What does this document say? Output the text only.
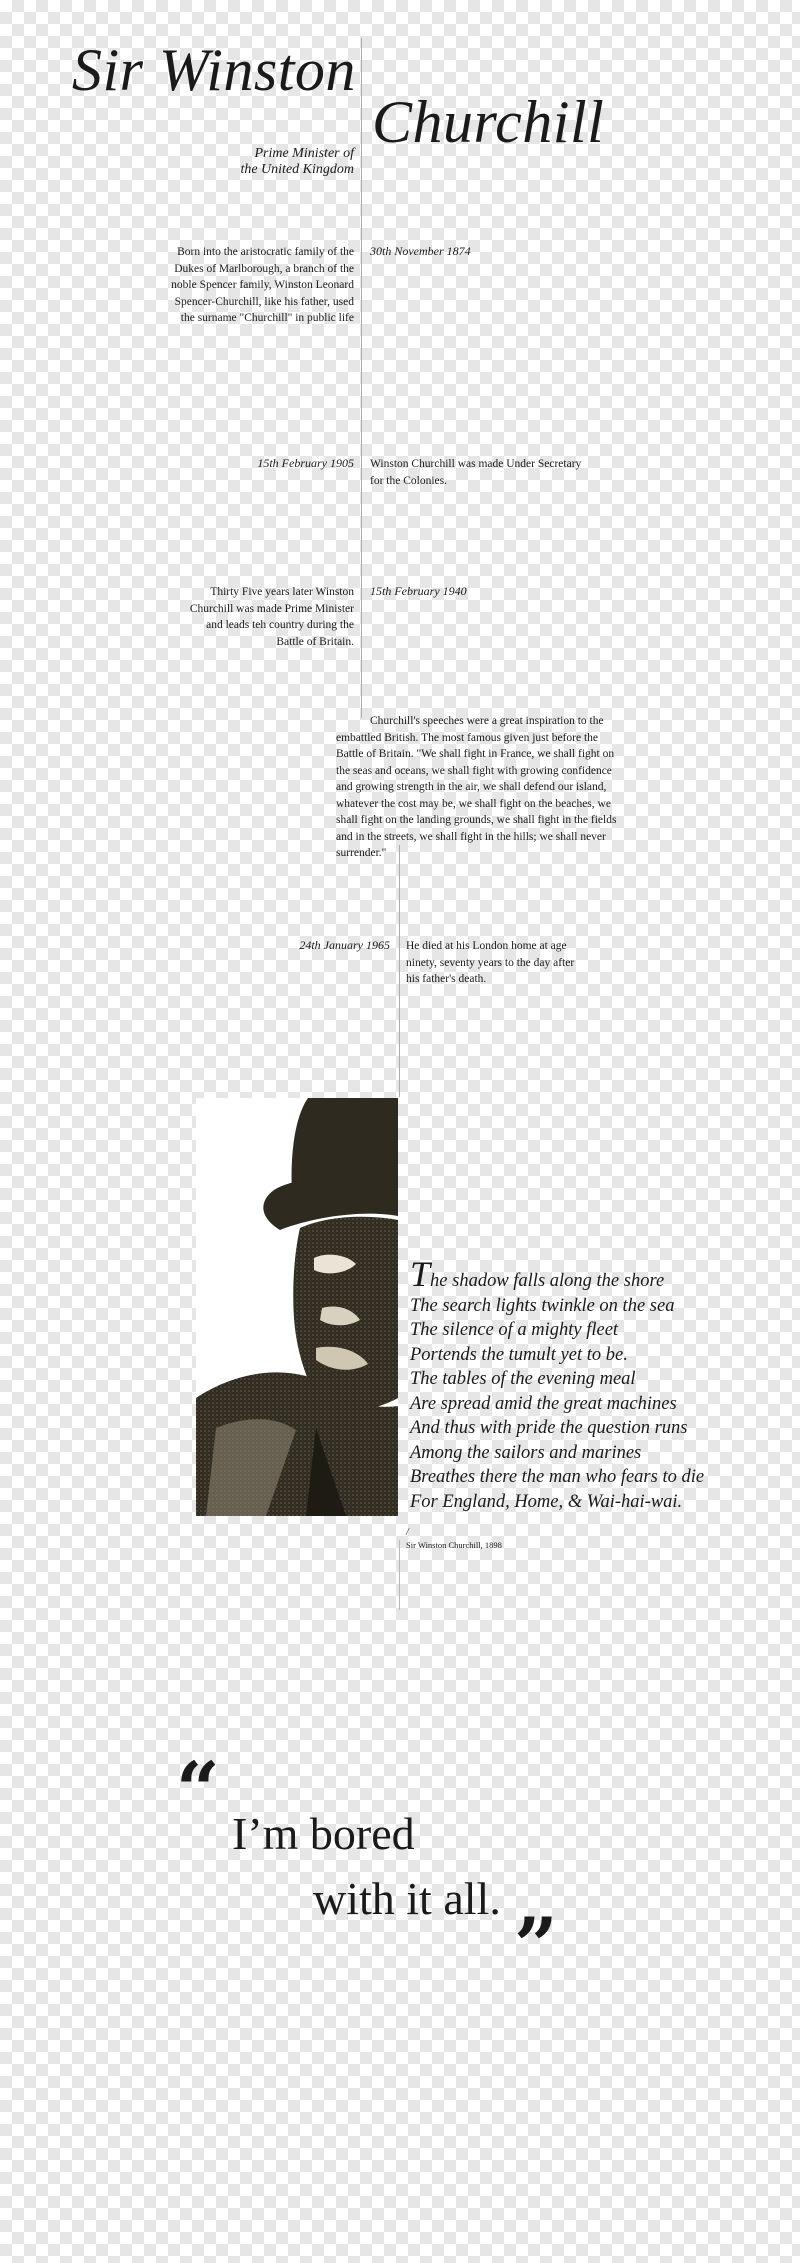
Sir Winston
Churchill
Prime Minister of
the United Kingdom
Born into the aristocratic family of the
Dukes of Marlborough, a branch of the
noble Spencer family, Winston Leonard
Spencer-Churchill, like his father, used
the surname "Churchill" in public life
30th November 1874
15th February 1905 Winston Churchill was made Under Secretary
for the Colonies.
Thirty Five years later Winston
Churchill was made Prime Minister
and leads teh country during the
Battle of Britain.
15th February 1940
Churchill's speeches were a great inspiration to the
embattled British. The most famous given just before the
Battle of Britain. "We shall fight in France, we shall fight on
the seas and oceans, we shall fight with growing confidence
and growing strength in the air, we shall defend our island,
whatever the cost may be, we shall fight on the beaches, we
shall fight on the landing grounds, we shall fight in the fields
and in the streets, we shall fight in the hills; we shall never
surrender."
24th January 1965 He died at his London home at age
ninety, seventy years to the day after
his father's death.
The shadow falls along the shore
The search lights twinkle on the sea
The silence of a mighty fleet
Portends the tumult yet to be.
The tables of the evening meal
Are spread amid the great machines
And thus with pride the question runs
Among the sailors and marines
Breathes there the man who fears to die
For England, Home, & Wai-hai-wai.
/
Sir Winston Churchill, 1898
“ I’m bored
with it all.
”
